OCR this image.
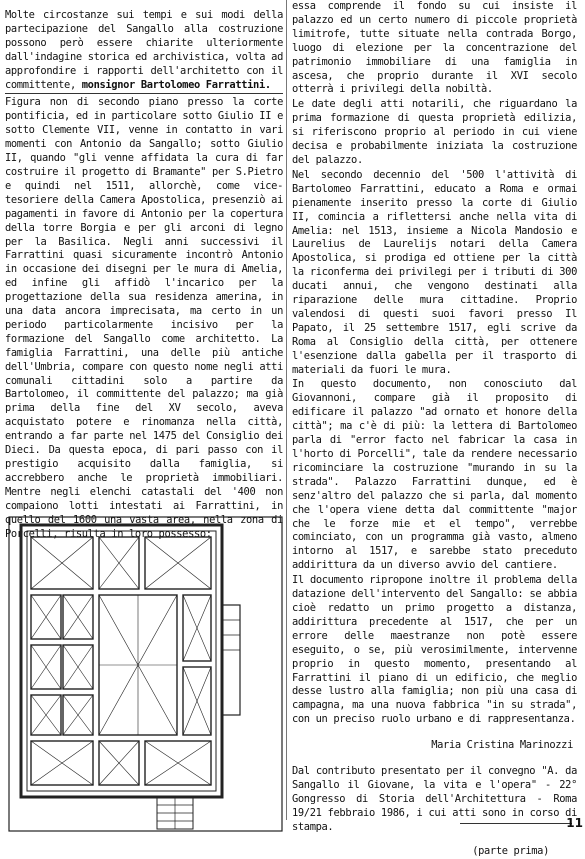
Molte circostanze sui tempi e sui modi della partecipazione del Sangallo alla costruzione possono però essere chiarite ulteriormente dall'indagine storica ed archivistica, volta ad approfondire i rapporti dell'architetto con il committente, monsignor Bartolomeo Farrattini.

Figura non di secondo piano presso la corte pontificia, ed in particolare sotto Giulio II e sotto Clemente VII, venne in contatto in vari momenti con Antonio da Sangallo; sotto Giulio II, quando "gli venne affidata la cura di far costruire il progetto di Bramante" per S.Pietro e quindi nel 1511, allorchè, come vice-tesoriere della Camera Apostolica, presenziò ai pagamenti in favore di Antonio per la copertura della torre Borgia e per gli arconi di legno per la Basilica. Negli anni successivi il Farrattini quasi sicuramente incontrò Antonio in occasione dei disegni per le mura di Amelia, ed infine gli affidò l'incarico per la progettazione della sua residenza amerina, in una data ancora imprecisata, ma certo in un periodo particolarmente incisivo per la formazione del Sangallo come architetto. La famiglia Farrattini, una delle più antiche dell'Umbria, compare con questo nome negli atti comunali cittadini solo a partire da Bartolomeo, il committente del palazzo; ma già prima della fine del XV secolo, aveva acquistato potere e rinomanza nella città, entrando a far parte nel 1475 del Consiglio dei Dieci. Da questa epoca, di pari passo con il prestigio acquisito dalla famiglia, si accrebbero anche le proprietà immobiliari. Mentre negli elenchi catastali del '400 non compaiono lotti intestati ai Farrattini, in quello del 1600 una vasta area, nella zona di Porcelli, risulta in loro possesso:

essa comprende il fondo su cui insiste il palazzo ed un certo numero di piccole proprietà limitrofe, tutte situate nella contrada Borgo, luogo di elezione per la concentrazione del patrimonio immobiliare di una famiglia in ascesa, che proprio durante il XVI secolo otterrà i privilegi della nobiltà.

Le date degli atti notarili, che riguardano la prima formazione di questa proprietà edilizia, si riferiscono proprio al periodo in cui viene decisa e probabilmente iniziata la costruzione del palazzo.

Nel secondo decennio del '500 l'attività di Bartolomeo Farrattini, educato a Roma e ormai pienamente inserito presso la corte di Giulio II, comincia a riflettersi anche nella vita di Amelia: nel 1513, insieme a Nicola Mandosio e Laurelius de Laurelijs notari della Camera Apostolica, si prodiga ed ottiene per la città la riconferma dei privilegi per i tributi di 300 ducati annui, che vengono destinati alla riparazione delle mura cittadine. Proprio valendosi di questi suoi favori presso Il Papato, il 25 settembre 1517, egli scrive da Roma al Consiglio della città, per ottenere l'esenzione dalla gabella per il trasporto di materiali da fuori le mura.

In questo documento, non conosciuto dal Giovannoni, compare già il proposito di edificare il palazzo "ad ornato et honore della città"; ma c'è di più: la lettera di Bartolomeo parla di "error facto nel fabricar la casa in l'horto di Porcelli", tale da rendere necessario ricominciare la costruzione "murando in su la strada". Palazzo Farrattini dunque, ed è senz'altro del palazzo che si parla, dal momento che l'opera viene detta dal committente "major che le forze mie et el tempo", verrebbe cominciato, con un programma già vasto, almeno intorno al 1517, e sarebbe stato preceduto addirittura da un diverso avvio del cantiere.

Il documento ripropone inoltre il problema della datazione dell'intervento del Sangallo: se abbia cioè redatto un primo progetto a distanza, addirittura precedente al 1517, che per un errore delle maestranze non potè essere eseguito, o se, più verosimilmente, intervenne proprio in questo momento, presentando al Farrattini il piano di un edificio, che meglio desse lustro alla famiglia; non più una casa di campagna, ma una nuova fabbrica "in su strada", con un preciso ruolo urbano e di rappresentanza.

Maria Cristina Marinozzi

Dal contributo presentato per il convegno "A. da Sangallo il Giovane, la vita e l'opera" - 22° Gongresso di Storia dell'Architettura - Roma 19/21 febbraio 1986, i cui atti sono in corso di stampa.

(parte prima)

11
